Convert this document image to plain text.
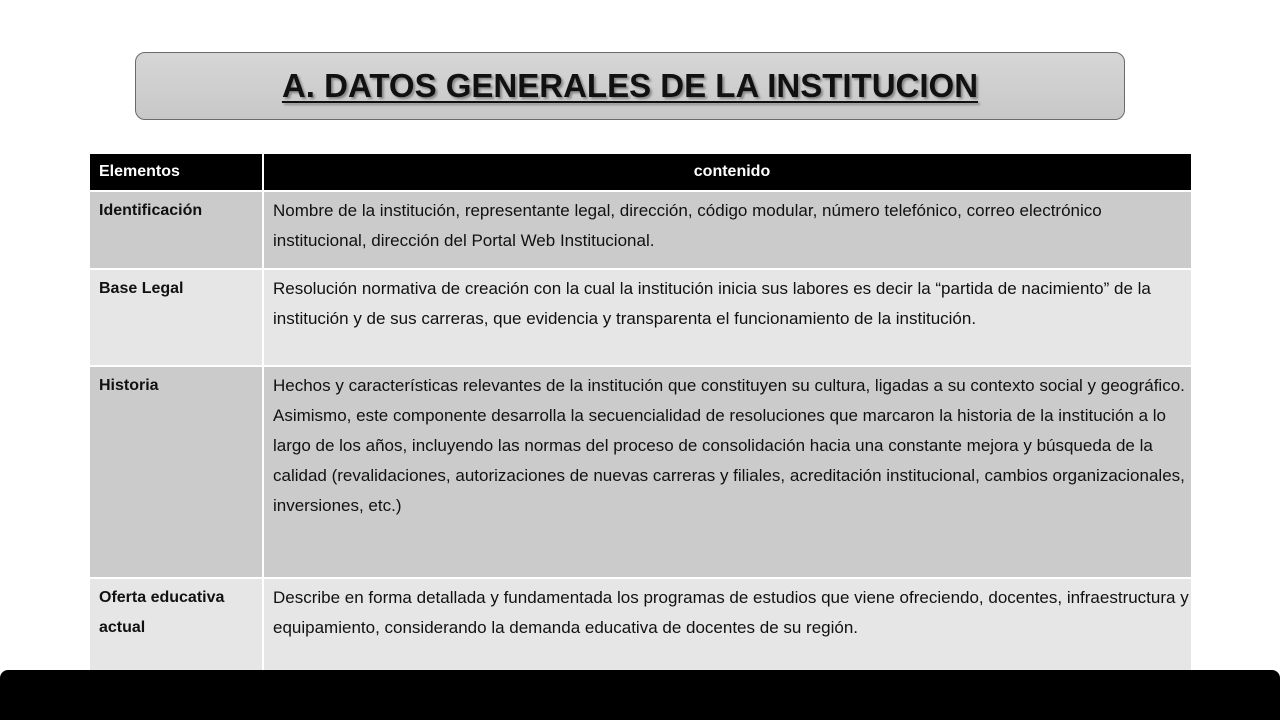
A. DATOS GENERALES DE LA INSTITUCION
Elementos	contenido
Identificación	Nombre de la institución, representante legal, dirección, código modular, número telefónico, correo electrónico institucional, dirección del Portal Web Institucional.
Base Legal	Resolución normativa de creación con la cual la institución inicia sus labores es decir la “partida de nacimiento” de la institución y de sus carreras, que evidencia y transparenta el funcionamiento de la institución.
Historia	Hechos y características relevantes de la institución que constituyen su cultura, ligadas a su contexto social y geográfico. Asimismo, este componente desarrolla la secuencialidad de resoluciones que marcaron la historia de la institución a lo largo de los años, incluyendo las normas del proceso de consolidación hacia una constante mejora y búsqueda de la calidad (revalidaciones, autorizaciones de nuevas carreras y filiales, acreditación institucional, cambios organizacionales, inversiones, etc.)
Oferta educativa actual	Describe en forma detallada y fundamentada los programas de estudios que viene ofreciendo, docentes, infraestructura y equipamiento, considerando la demanda educativa de docentes de su región.
